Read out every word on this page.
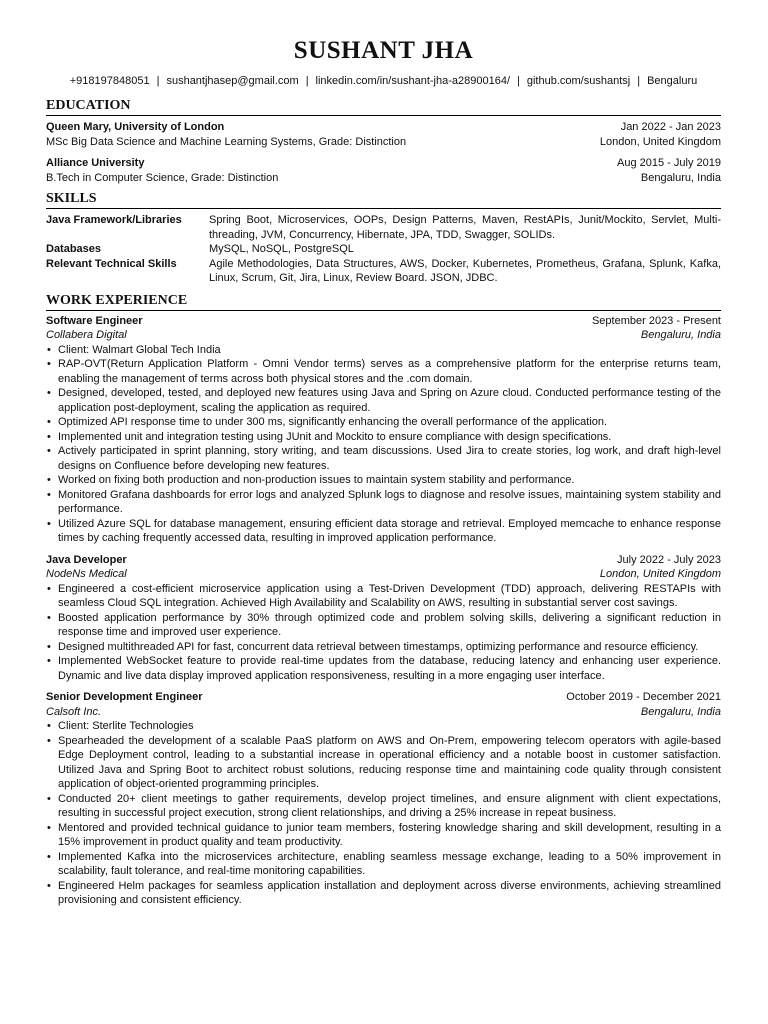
SUSHANT JHA
+918197848051 | sushantjhasep@gmail.com | linkedin.com/in/sushant-jha-a28900164/ | github.com/sushantsj | Bengaluru
EDUCATION
Queen Mary, University of London	Jan 2022 - Jan 2023
MSc Big Data Science and Machine Learning Systems, Grade: Distinction	London, United Kingdom
Alliance University	Aug 2015 - July 2019
B.Tech in Computer Science, Grade: Distinction	Bengaluru, India
SKILLS
Java Framework/Libraries	Spring Boot, Microservices, OOPs, Design Patterns, Maven, RestAPIs, Junit/Mockito, Servlet, Multi-threading, JVM, Concurrency, Hibernate, JPA, TDD, Swagger, SOLIDs.
Databases	MySQL, NoSQL, PostgreSQL
Relevant Technical Skills	Agile Methodologies, Data Structures, AWS, Docker, Kubernetes, Prometheus, Grafana, Splunk, Kafka, Linux, Scrum, Git, Jira, Linux, Review Board. JSON, JDBC.
WORK EXPERIENCE
Software Engineer	September 2023 - Present
Collabera Digital	Bengaluru, India
• Client: Walmart Global Tech India
• RAP-OVT(Return Application Platform - Omni Vendor terms) serves as a comprehensive platform for the enterprise returns team, enabling the management of terms across both physical stores and the .com domain.
• Designed, developed, tested, and deployed new features using Java and Spring on Azure cloud. Conducted performance testing of the application post-deployment, scaling the application as required.
• Optimized API response time to under 300 ms, significantly enhancing the overall performance of the application.
• Implemented unit and integration testing using JUnit and Mockito to ensure compliance with design specifications.
• Actively participated in sprint planning, story writing, and team discussions. Used Jira to create stories, log work, and draft high-level designs on Confluence before developing new features.
• Worked on fixing both production and non-production issues to maintain system stability and performance.
• Monitored Grafana dashboards for error logs and analyzed Splunk logs to diagnose and resolve issues, maintaining system stability and performance.
• Utilized Azure SQL for database management, ensuring efficient data storage and retrieval. Employed memcache to enhance response times by caching frequently accessed data, resulting in improved application performance.
Java Developer	July 2022 - July 2023
NodeNs Medical	London, United Kingdom
• Engineered a cost-efficient microservice application using a Test-Driven Development (TDD) approach, delivering RESTAPIs with seamless Cloud SQL integration. Achieved High Availability and Scalability on AWS, resulting in substantial server cost savings.
• Boosted application performance by 30% through optimized code and problem solving skills, delivering a significant reduction in response time and improved user experience.
• Designed multithreaded API for fast, concurrent data retrieval between timestamps, optimizing performance and resource efficiency.
• Implemented WebSocket feature to provide real-time updates from the database, reducing latency and enhancing user experience. Dynamic and live data display improved application responsiveness, resulting in a more engaging user interface.
Senior Development Engineer	October 2019 - December 2021
Calsoft Inc.	Bengaluru, India
• Client: Sterlite Technologies
• Spearheaded the development of a scalable PaaS platform on AWS and On-Prem, empowering telecom operators with agile-based Edge Deployment control, leading to a substantial increase in operational efficiency and a notable boost in customer satisfaction. Utilized Java and Spring Boot to architect robust solutions, reducing response time and maintaining code quality through consistent application of object-oriented programming principles.
• Conducted 20+ client meetings to gather requirements, develop project timelines, and ensure alignment with client expectations, resulting in successful project execution, strong client relationships, and driving a 25% increase in repeat business.
• Mentored and provided technical guidance to junior team members, fostering knowledge sharing and skill development, resulting in a 15% improvement in product quality and team productivity.
• Implemented Kafka into the microservices architecture, enabling seamless message exchange, leading to a 50% improvement in scalability, fault tolerance, and real-time monitoring capabilities.
• Engineered Helm packages for seamless application installation and deployment across diverse environments, achieving streamlined provisioning and consistent efficiency.
